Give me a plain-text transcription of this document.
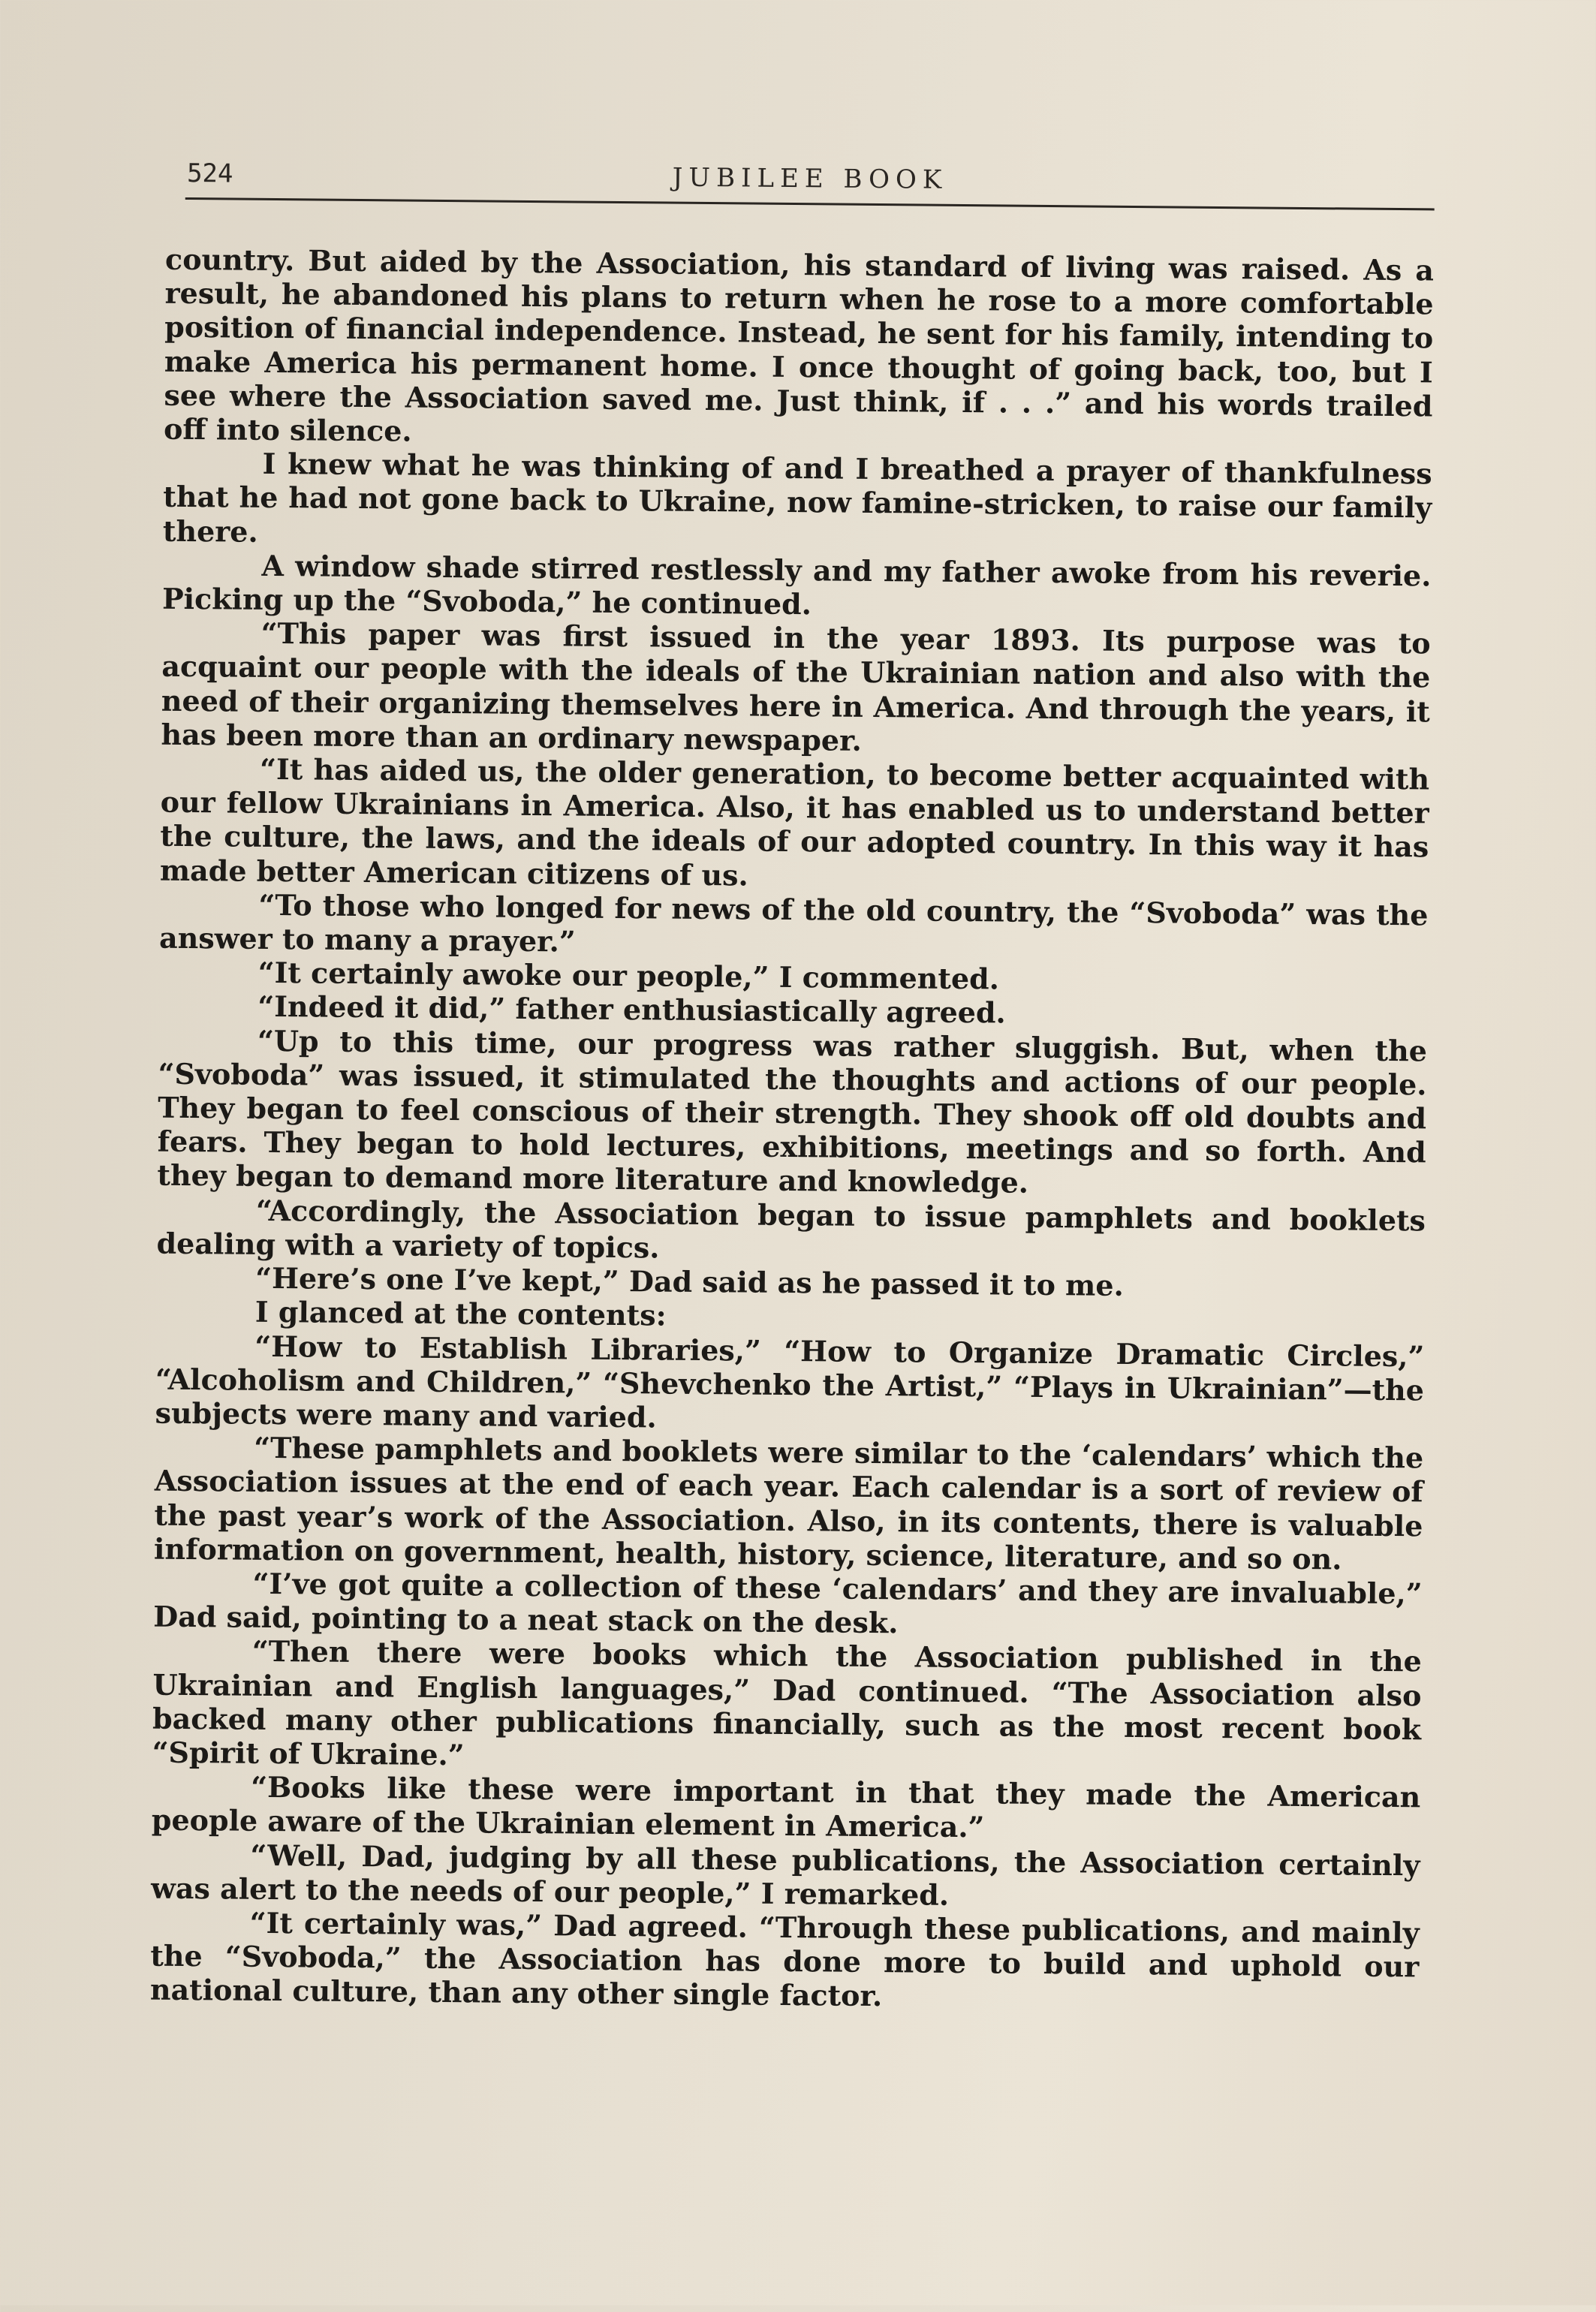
524	JUBILEE BOOK

country. But aided by the Association, his standard of living was raised. As a result, he abandoned his plans to return when he rose to a more comfortable position of financial independence. Instead, he sent for his family, intending to make America his permanent home. I once thought of going back, too, but I see where the Association saved me. Just think, if . . .” and his words trailed off into silence.

I knew what he was thinking of and I breathed a prayer of thankfulness that he had not gone back to Ukraine, now famine-stricken, to raise our family there.

A window shade stirred restlessly and my father awoke from his reverie. Picking up the “Svoboda,” he continued.

“This paper was first issued in the year 1893. Its purpose was to acquaint our people with the ideals of the Ukrainian nation and also with the need of their organizing themselves here in America. And through the years, it has been more than an ordinary newspaper.

“It has aided us, the older generation, to become better acquainted with our fellow Ukrainians in America. Also, it has enabled us to understand better the culture, the laws, and the ideals of our adopted country. In this way it has made better American citizens of us.

“To those who longed for news of the old country, the “Svoboda” was the answer to many a prayer.”

“It certainly awoke our people,” I commented.

“Indeed it did,” father enthusiastically agreed.

“Up to this time, our progress was rather sluggish. But, when the “Svoboda” was issued, it stimulated the thoughts and actions of our people. They began to feel conscious of their strength. They shook off old doubts and fears. They began to hold lectures, exhibitions, meetings and so forth. And they began to demand more literature and knowledge.

“Accordingly, the Association began to issue pamphlets and booklets dealing with a variety of topics.

“Here’s one I’ve kept,” Dad said as he passed it to me.

I glanced at the contents:

“How to Establish Libraries,” “How to Organize Dramatic Circles,” “Alcoholism and Children,” “Shevchenko the Artist,” “Plays in Ukrainian”—the subjects were many and varied.

“These pamphlets and booklets were similar to the ‘calendars’ which the Association issues at the end of each year. Each calendar is a sort of review of the past year’s work of the Association. Also, in its contents, there is valuable information on government, health, history, science, literature, and so on.

“I’ve got quite a collection of these ‘calendars’ and they are invaluable,” Dad said, pointing to a neat stack on the desk.

“Then there were books which the Association published in the Ukrainian and English languages,” Dad continued. “The Association also backed many other publications financially, such as the most recent book “Spirit of Ukraine.”

“Books like these were important in that they made the American people aware of the Ukrainian element in America.”

“Well, Dad, judging by all these publications, the Association certainly was alert to the needs of our people,” I remarked.

“It certainly was,” Dad agreed. “Through these publications, and mainly the “Svoboda,” the Association has done more to build and uphold our national culture, than any other single factor.
